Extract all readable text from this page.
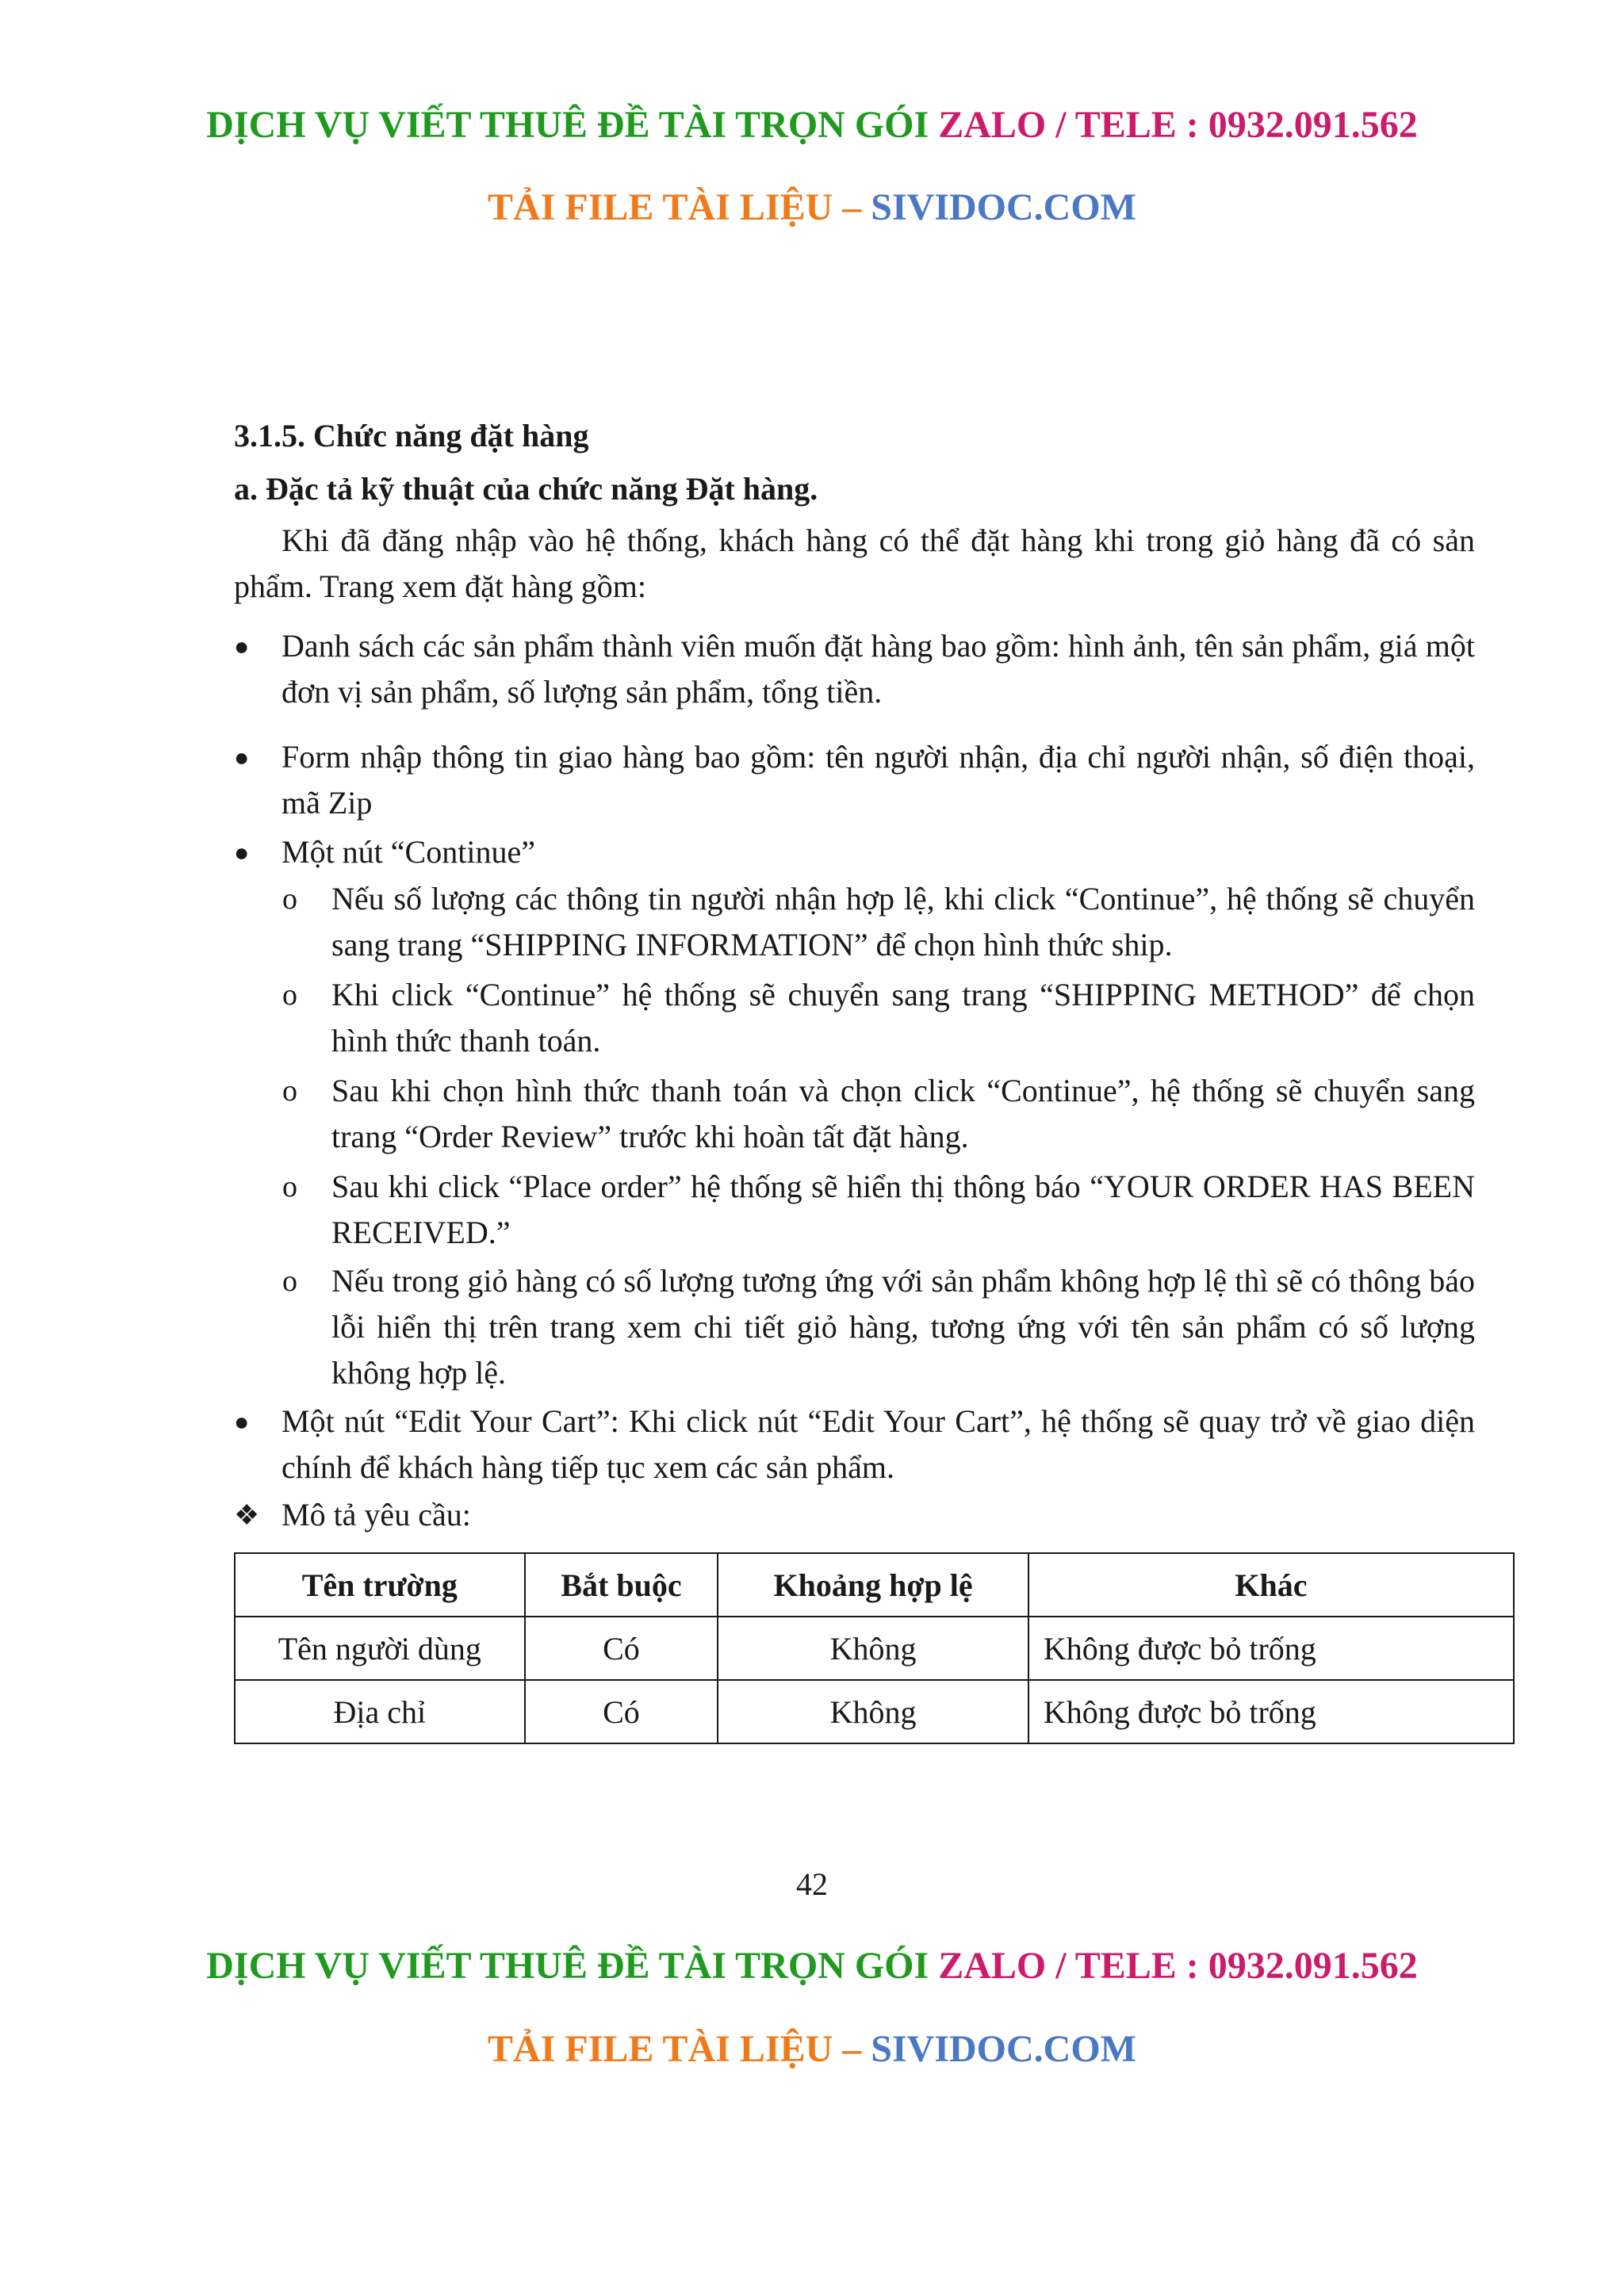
DỊCH VỤ VIẾT THUÊ ĐỀ TÀI TRỌN GÓI ZALO / TELE : 0932.091.562
TẢI FILE TÀI LIỆU – SIVIDOC.COM
3.1.5. Chức năng đặt hàng
a. Đặc tả kỹ thuật của chức năng Đặt hàng.
Khi đã đăng nhập vào hệ thống, khách hàng có thể đặt hàng khi trong giỏ hàng đã có sản phẩm. Trang xem đặt hàng gồm:
● Danh sách các sản phẩm thành viên muốn đặt hàng bao gồm: hình ảnh, tên sản phẩm, giá một đơn vị sản phẩm, số lượng sản phẩm, tổng tiền.
● Form nhập thông tin giao hàng bao gồm: tên người nhận, địa chỉ người nhận, số điện thoại, mã Zip
● Một nút “Continue”
o Nếu số lượng các thông tin người nhận hợp lệ, khi click “Continue”, hệ thống sẽ chuyển sang trang “SHIPPING INFORMATION” để chọn hình thức ship.
o Khi click “Continue” hệ thống sẽ chuyển sang trang “SHIPPING METHOD” để chọn hình thức thanh toán.
o Sau khi chọn hình thức thanh toán và chọn click “Continue”, hệ thống sẽ chuyển sang trang “Order Review” trước khi hoàn tất đặt hàng.
o Sau khi click “Place order” hệ thống sẽ hiển thị thông báo “YOUR ORDER HAS BEEN RECEIVED.”
o Nếu trong giỏ hàng có số lượng tương ứng với sản phẩm không hợp lệ thì sẽ có thông báo lỗi hiển thị trên trang xem chi tiết giỏ hàng, tương ứng với tên sản phẩm có số lượng không hợp lệ.
● Một nút “Edit Your Cart”: Khi click nút “Edit Your Cart”, hệ thống sẽ quay trở về giao diện chính để khách hàng tiếp tục xem các sản phẩm.
❖ Mô tả yêu cầu:
Tên trường	Bắt buộc	Khoảng hợp lệ	Khác
Tên người dùng	Có	Không	Không được bỏ trống
Địa chỉ	Có	Không	Không được bỏ trống
42
DỊCH VỤ VIẾT THUÊ ĐỀ TÀI TRỌN GÓI ZALO / TELE : 0932.091.562
TẢI FILE TÀI LIỆU – SIVIDOC.COM
